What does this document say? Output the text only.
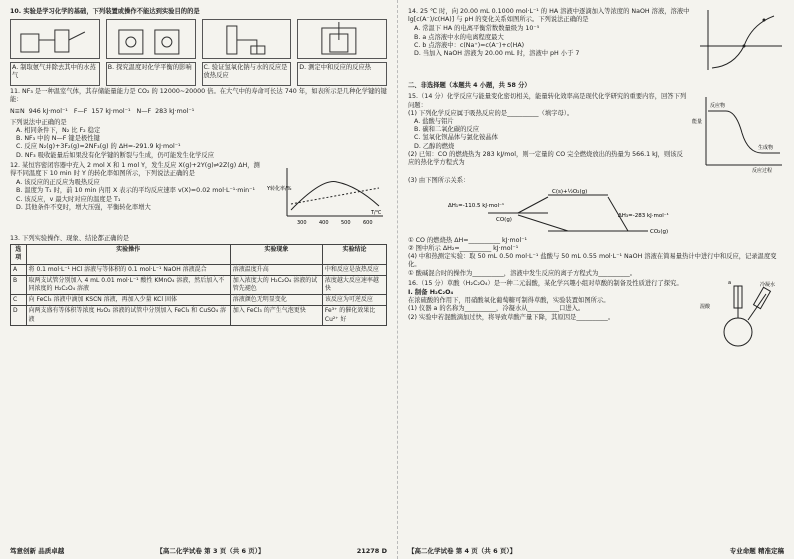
10. 实验是学习化学的基础，下列装置或操作不能达到实验目的的是
A. 制取氨气并除去其中的水蒸气
B. 探究温度对化学平衡的影响	C. 验证氢氧化钠与水的反应是放热反应
D. 测定中和反应的反应热
11. NF₃ 是一种温室气体，其存储能量能力是 CO₂ 的 12000~20000 倍。在大气中的寿命可长达 740 年，如表所示是几种化学键的键能：
N≡N 946 kJ·mol⁻¹ F—F 157 kJ·mol⁻¹ N—F 283 kJ·mol⁻¹
下列说法中正确的是
A. 相同条件下，N₂ 比 F₂ 稳定
B. NF₃ 中的 N—F 键是极性键
C. 反应 N₂(g)+3F₂(g)=2NF₃(g) 的 ΔH=-291.9 kJ·mol⁻¹
D. NF₃ 吸收能量后如果没有化学键的断裂与生成，仍可能发生化学反应
12. 某恒容密闭容器中充入 2 mol X 和 1 mol Y，发生反应 X(g)+2Y(g)⇌2Z(g) ΔH，测得不同温度下 10 min 时 Y 的转化率如图所示，下列说法正确的是
A. 该反应的正反应为吸热反应
B. 温度为 T₁ 时，前 10 min 内用 X 表示的平均反应速率 v(X)=0.02 mol·L⁻¹·min⁻¹
C. 该反应，v 最大时对应的温度是 T₁
D. 其他条件不变时，增大压强，平衡转化率增大
Y转化率/%
300 400 500 600
T/℃
13. 下列实验操作、现象、结论都正确的是
选项	实验操作	实验现象	实验结论
A	将 0.1 mol·L⁻¹ HCl 溶液与等体积的 0.1 mol·L⁻¹ NaOH 溶液混合	溶液温度升高	中和反应是放热反应
B	取两支试管分别加入 4 mL 0.01 mol·L⁻¹ 酸性 KMnO₄ 溶液，然后加入不同浓度的 H₂C₂O₄ 溶液	加入浓度大的 H₂C₂O₄ 溶液的试管先褪色	浓度越大反应速率越快
C	向 FeCl₃ 溶液中滴加 KSCN 溶液，再加入少量 KCl 固体	溶液颜色无明显变化	该反应为可逆反应
D	向两支盛有等体积等浓度 H₂O₂ 溶液的试管中分别加入 FeCl₃ 和 CuSO₄ 溶液	加入 FeCl₃ 的产生气泡更快	Fe³⁺ 的催化效果比 Cu²⁺ 好
笃意创新 品质卓越	【高二化学试卷 第 3 页（共 6 页）】	21278 D
14. 25 ℃ 时，向 20.00 mL 0.1000 mol·L⁻¹ 的 HA 溶液中逐滴加入等浓度的 NaOH 溶液，溶液中 lg[c(A⁻)/c(HA)] 与 pH 的变化关系如图所示。下列说法正确的是
A. 常温下 HA 的电离平衡常数数量级为 10⁻⁵
B. a 点溶液中水的电离程度最大
C. b 点溶液中：c(Na⁺)=c(A⁻)+c(HA)
D. 当加入 NaOH 溶液为 20.00 mL 时，溶液中 pH 小于 7
二、非选择题（本题共 4 小题，共 58 分）
15.（14 分）化学反应与能量变化密切相关，能量转化效率高是现代化学研究的重要内容，回答下列问题：
(1) 下列化学反应属于吸热反应的是__________（填字母）。
A. 盐酸与铝片
B. 碳和二氧化碳的反应
C. 氢氧化钡晶体与氯化铵晶体
D. 乙醇的燃烧
(2) 已知：CO 的燃烧热为 283 kJ/mol，则一定量的 CO 完全燃烧放出的热量为 566.1 kJ，则该反应的热化学方程式为
能量
反应物
生成物
反应过程
(3) 由下图所示关系：
C(s)+½O₂(g)
ΔH₁=-110.5 kJ·mol⁻¹
CO(g)
ΔH₃=-283 kJ·mol⁻¹
CO₂(g)
① CO 的燃烧热 ΔH=__________ kJ·mol⁻¹
② 图中所示 ΔH₂=__________ kJ·mol⁻¹
(4) 中和热测定实验：取 50 mL 0.50 mol·L⁻¹ 盐酸与 50 mL 0.55 mol·L⁻¹ NaOH 溶液在简易量热计中进行中和反应，记录温度变化。
① 酸碱混合时的操作为__________，溶液中发生反应的离子方程式为__________。
16.（15 分）草酸（H₂C₂O₄）是一种二元弱酸，某化学兴趣小组对草酸的制备及性质进行了探究。
Ⅰ. 制备 H₂C₂O₄
在浓硫酸的作用下，用硝酸氧化葡萄糖可制得草酸，实验装置如图所示。
(1) 仪器 a 的名称为__________，冷凝水从__________口进入。
(2) 实验中若混酸滴加过快，将导致草酸产量下降，其原因是__________。
a	冷凝水
混酸
【高二化学试卷 第 4 页（共 6 页）】	专业命题 精准定稿
